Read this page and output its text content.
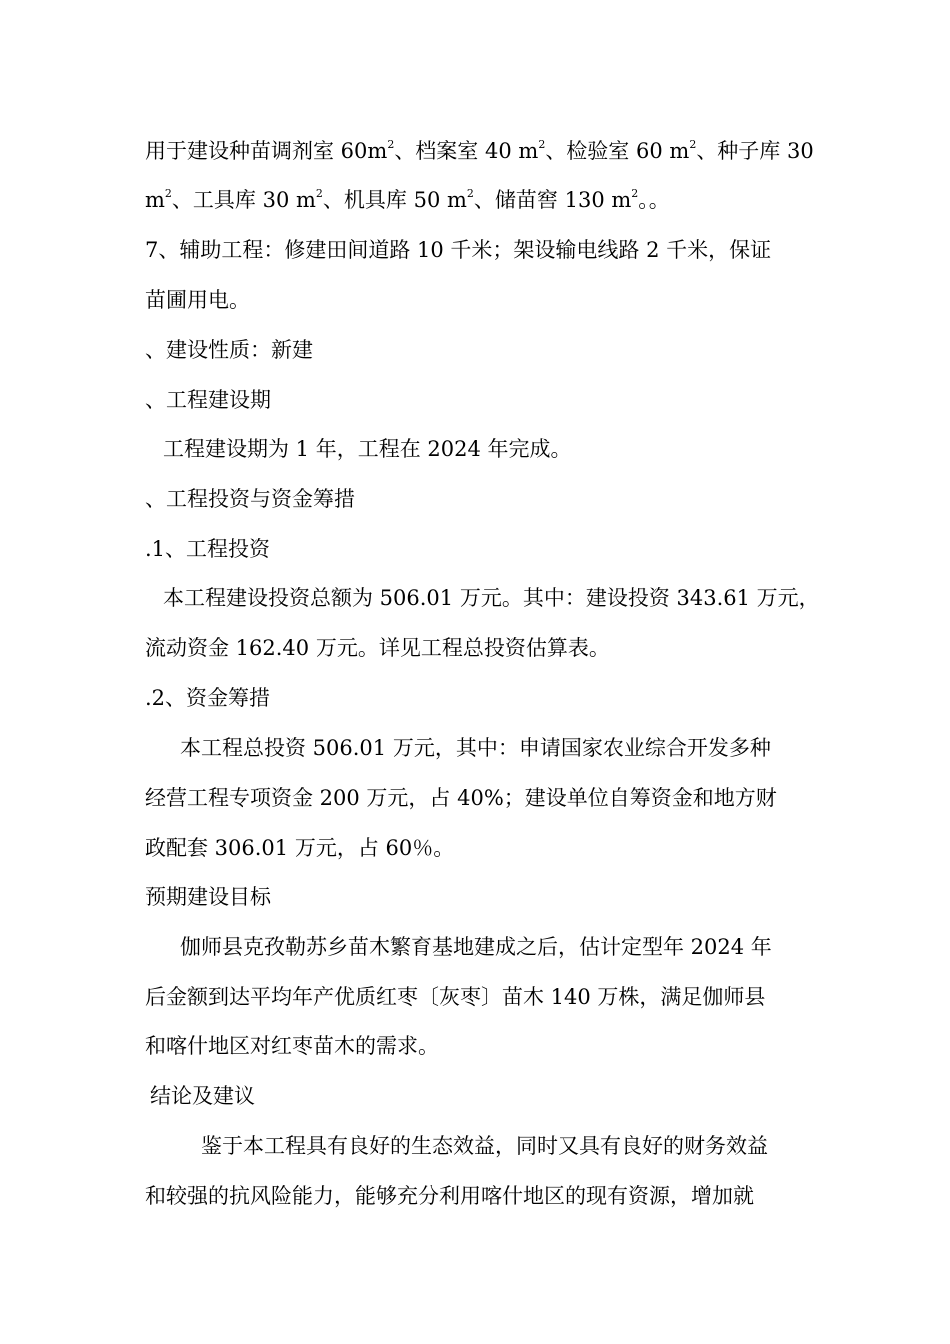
用于建设种苗调剂室 $60m^2$、档案室 40 $m^2$、检验室 60 $m^2$、种子库 30
$m^2$、工具库 30 $m^2$、机具库 50 $m^2$、储苗窖 130 $m^2$。。
7、辅助工程：修建田间道路 10 千米；架设输电线路 2 千米，保证
苗圃用电。
、建设性质：新建
、工程建设期
工程建设期为 1 年，工程在 2024 年完成。
、工程投资与资金筹措
.1、工程投资
本工程建设投资总额为 506.01 万元。其中：建设投资 343.61 万元，
流动资金 162.40 万元。详见工程总投资估算表。
.2、资金筹措
本工程总投资 506.01 万元，其中：申请国家农业综合开发多种
经营工程专项资金 200 万元，占 40%；建设单位自筹资金和地方财
政配套 306.01 万元，占 60％。
预期建设目标
伽师县克孜勒苏乡苗木繁育基地建成之后，估计定型年 2024 年
后金额到达平均年产优质红枣〔灰枣〕苗木 140 万株，满足伽师县
和喀什地区对红枣苗木的需求。
结论及建议
鉴于本工程具有良好的生态效益，同时又具有良好的财务效益
和较强的抗风险能力，能够充分利用喀什地区的现有资源，增加就
